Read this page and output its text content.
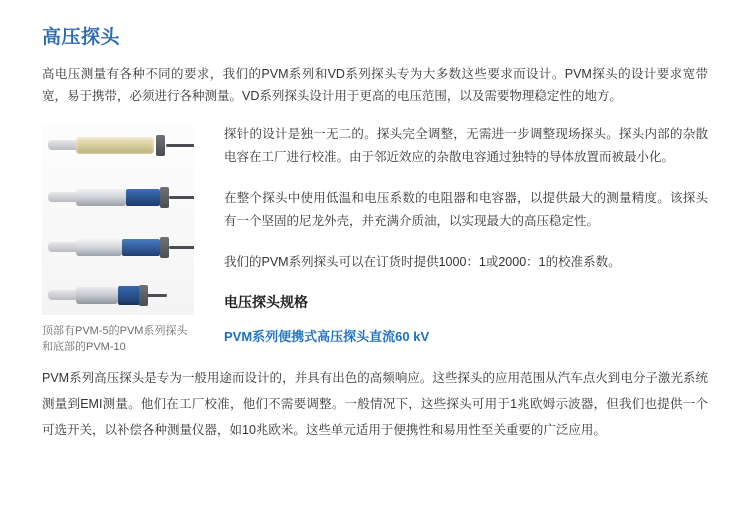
高压探头

高电压测量有各种不同的要求，我们的PVM系列和VD系列探头专为大多数这些要求而设计。PVM探头的设计要求宽带宽，易于携带，必须进行各种测量。VD系列探头设计用于更高的电压范围，以及需要物理稳定性的地方。

顶部有PVM-5的PVM系列探头和底部的PVM-10

探针的设计是独一无二的。探头完全调整，无需进一步调整现场探头。探头内部的杂散电容在工厂进行校准。由于邻近效应的杂散电容通过独特的导体放置而被最小化。

在整个探头中使用低温和电压系数的电阻器和电容器，以提供最大的测量精度。该探头有一个坚固的尼龙外壳，并充满介质油，以实现最大的高压稳定性。

我们的PVM系列探头可以在订货时提供1000：1或2000：1的校准系数。

电压探头规格
PVM系列便携式高压探头直流60 kV

PVM系列高压探头是专为一般用途而设计的，并具有出色的高频响应。这些探头的应用范围从汽车点火到电分子激光系统测量到EMI测量。他们在工厂校准，他们不需要调整。一般情况下，这些探头可用于1兆欧姆示波器，但我们也提供一个可选开关，以补偿各种测量仪器，如10兆欧米。这些单元适用于便携性和易用性至关重要的广泛应用。
